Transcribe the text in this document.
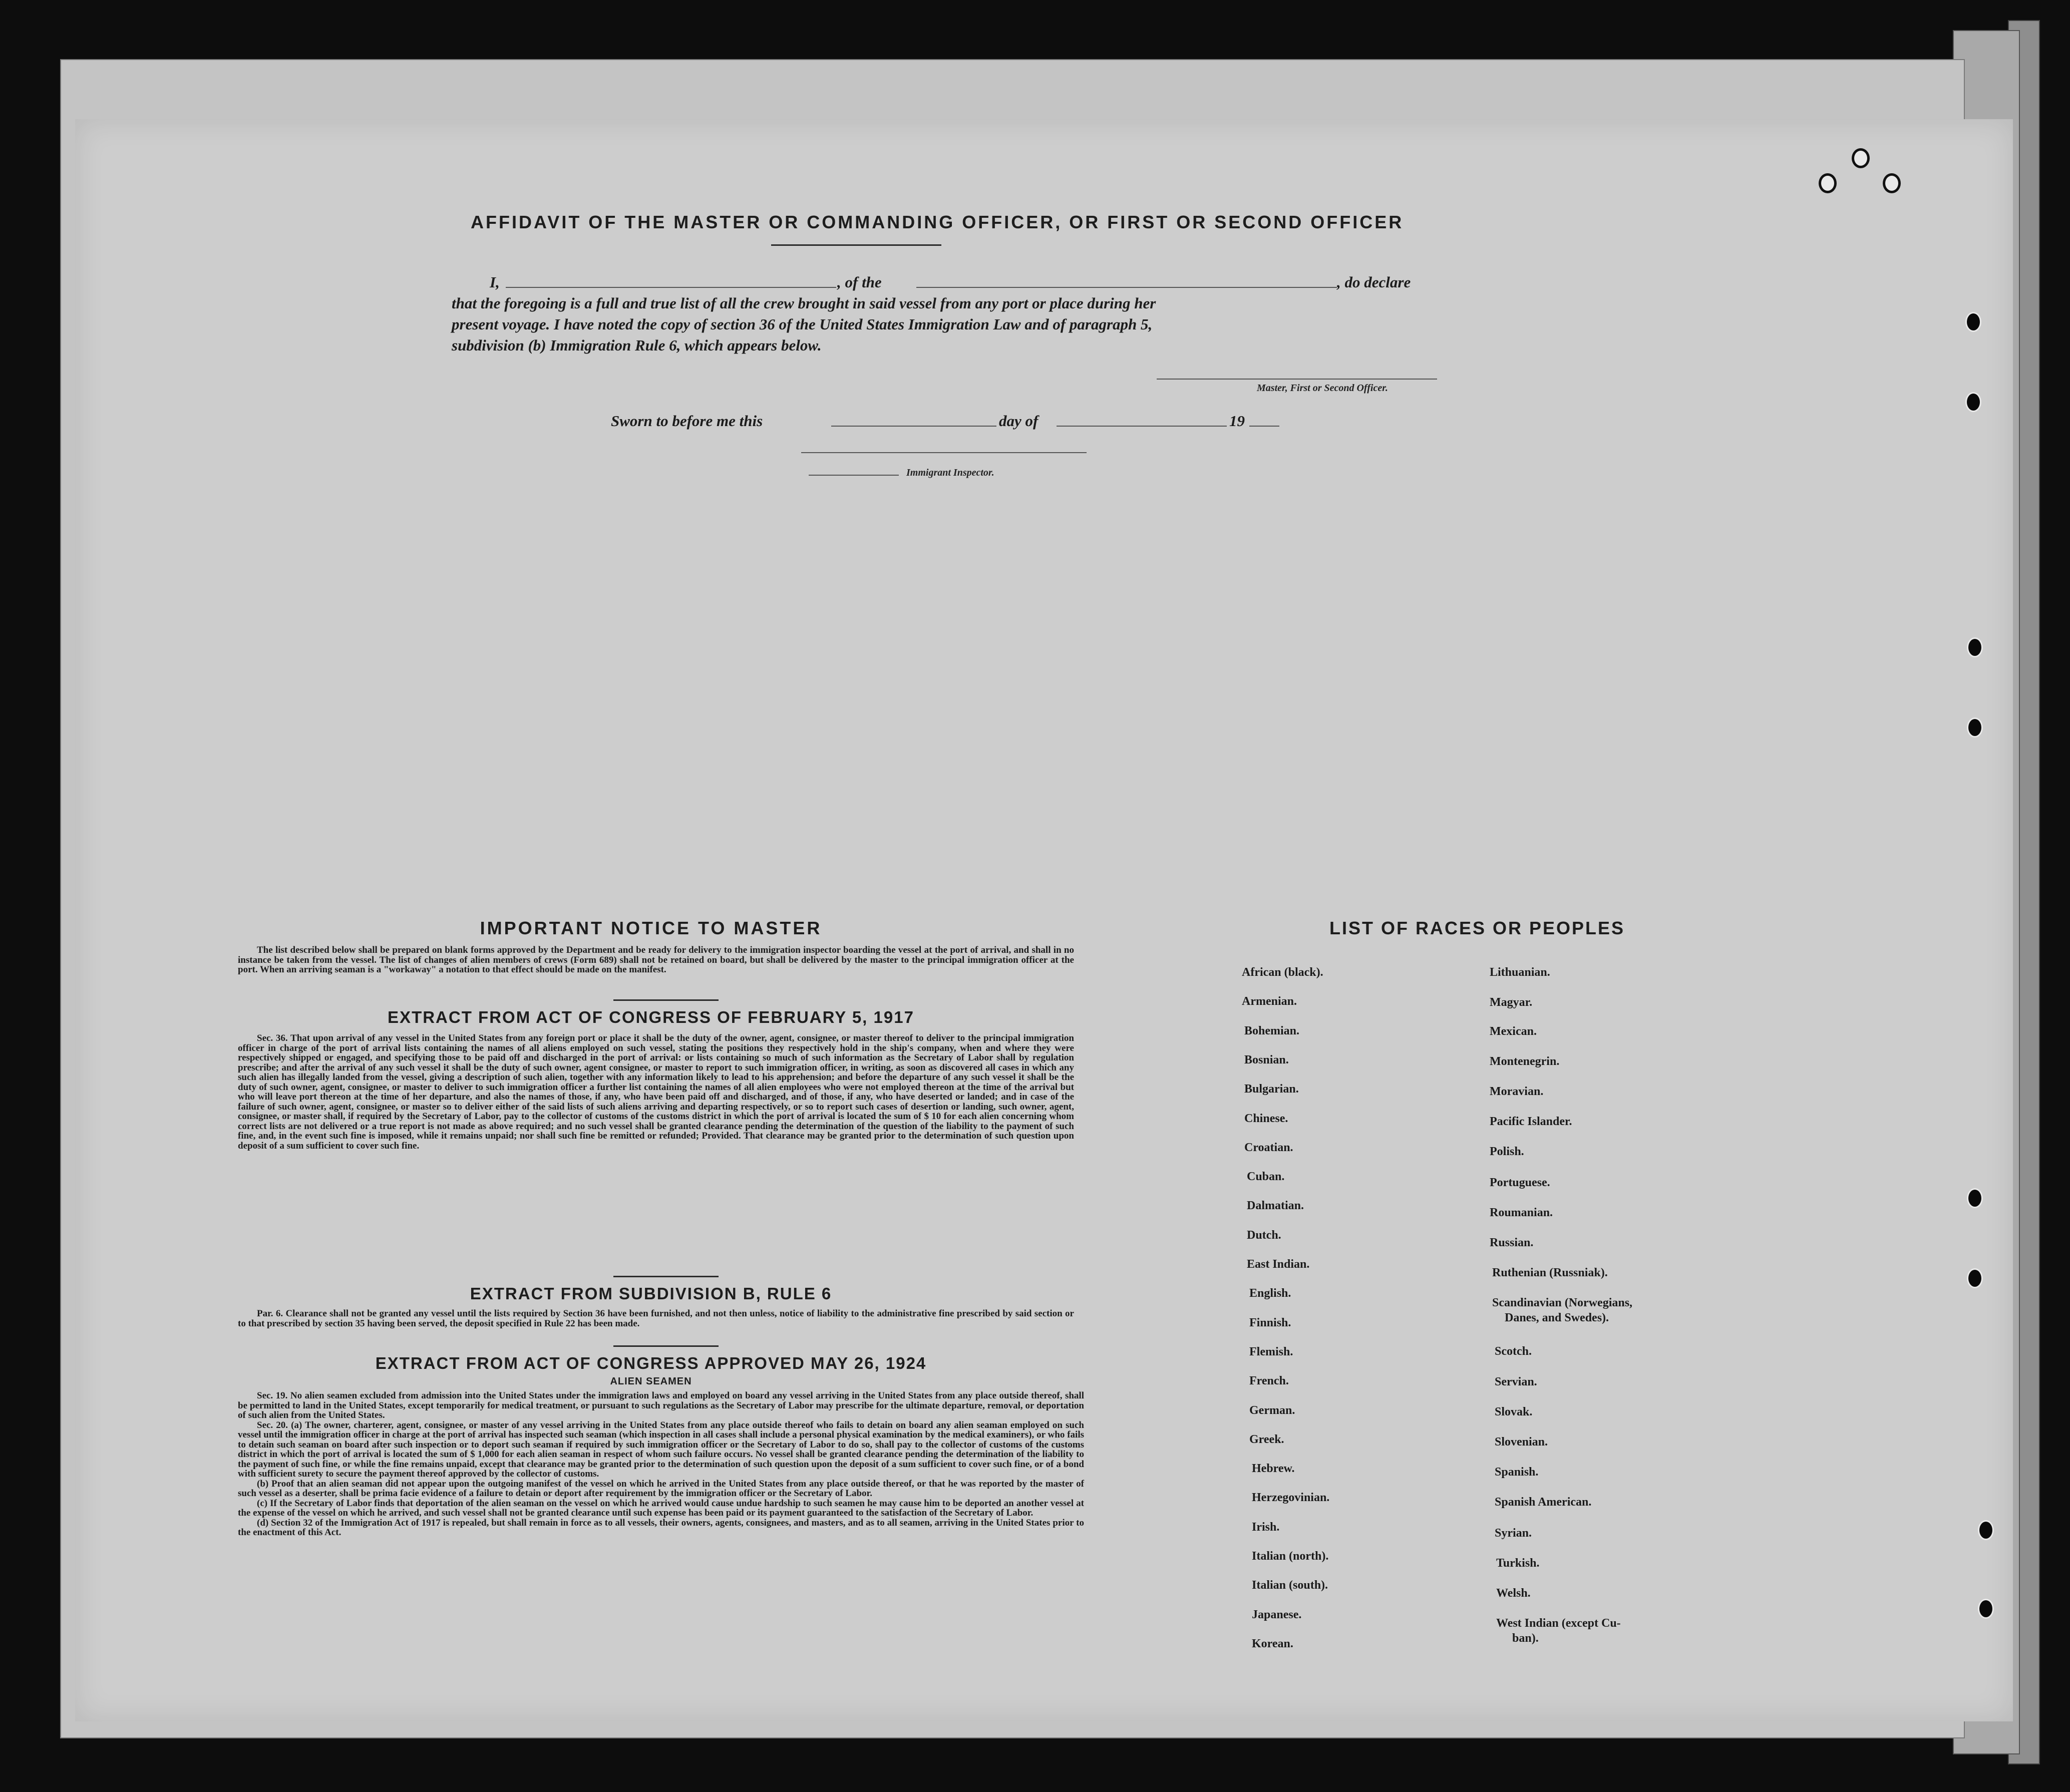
AFFIDAVIT OF THE MASTER OR COMMANDING OFFICER, OR FIRST OR SECOND OFFICER
I,	, of the	, do declare
that the foregoing is a full and true list of all the crew brought in said vessel from any port or place during her
present voyage. I have noted the copy of section 36 of the United States Immigration Law and of paragraph 5,
subdivision (b) Immigration Rule 6, which appears below.
Master, First or Second Officer.
Sworn to before me this	day of	19
Immigrant Inspector.
IMPORTANT NOTICE TO MASTER

The list described below shall be prepared on blank forms approved by the Department and be ready for delivery to the immigration inspector boarding the vessel at the port of arrival, and shall in no instance be taken from the vessel. The list of changes of alien members of crews (Form 689) shall not be retained on board, but shall be delivered by the master to the principal immigration officer at the port. When an arriving seaman is a "workaway" a notation to that effect should be made on the manifest.

EXTRACT FROM ACT OF CONGRESS OF FEBRUARY 5, 1917

Sec. 36. That upon arrival of any vessel in the United States from any foreign port or place it shall be the duty of the owner, agent, consignee, or master thereof to deliver to the principal immigration officer in charge of the port of arrival lists containing the names of all aliens employed on such vessel, stating the positions they respectively hold in the ship's company, when and where they were respectively shipped or engaged, and specifying those to be paid off and discharged in the port of arrival: or lists containing so much of such information as the Secretary of Labor shall by regulation prescribe; and after the arrival of any such vessel it shall be the duty of such owner, agent consignee, or master to report to such immigration officer, in writing, as soon as discovered all cases in which any such alien has illegally landed from the vessel, giving a description of such alien, together with any information likely to lead to his apprehension; and before the departure of any such vessel it shall be the duty of such owner, agent, consignee, or master to deliver to such immigration officer a further list containing the names of all alien employees who were not employed thereon at the time of the arrival but who will leave port thereon at the time of her departure, and also the names of those, if any, who have been paid off and discharged, and of those, if any, who have deserted or landed; and in case of the failure of such owner, agent, consignee, or master so to deliver either of the said lists of such aliens arriving and departing respectively, or so to report such cases of desertion or landing, such owner, agent, consignee, or master shall, if required by the Secretary of Labor, pay to the collector of customs of the customs district in which the port of arrival is located the sum of $ 10 for each alien concerning whom correct lists are not delivered or a true report is not made as above required; and no such vessel shall be granted clearance pending the determination of the question of the liability to the payment of such fine, and, in the event such fine is imposed, while it remains unpaid; nor shall such fine be remitted or refunded; Provided. That clearance may be granted prior to the determination of such question upon deposit of a sum sufficient to cover such fine.

EXTRACT FROM SUBDIVISION B, RULE 6

Par. 6. Clearance shall not be granted any vessel until the lists required by Section 36 have been furnished, and not then unless, notice of liability to the administrative fine prescribed by said section or to that prescribed by section 35 having been served, the deposit specified in Rule 22 has been made.

EXTRACT FROM ACT OF CONGRESS APPROVED MAY 26, 1924
ALIEN SEAMEN

Sec. 19. No alien seamen excluded from admission into the United States under the immigration laws and employed on board any vessel arriving in the United States from any place outside thereof, shall be permitted to land in the United States, except temporarily for medical treatment, or pursuant to such regulations as the Secretary of Labor may prescribe for the ultimate departure, removal, or deportation of such alien from the United States.

Sec. 20. (a) The owner, charterer, agent, consignee, or master of any vessel arriving in the United States from any place outside thereof who fails to detain on board any alien seaman employed on such vessel until the immigration officer in charge at the port of arrival has inspected such seaman (which inspection in all cases shall include a personal physical examination by the medical examiners), or who fails to detain such seaman on board after such inspection or to deport such seaman if required by such immigration officer or the Secretary of Labor to do so, shall pay to the collector of customs of the customs district in which the port of arrival is located the sum of $ 1,000 for each alien seaman in respect of whom such failure occurs. No vessel shall be granted clearance pending the determination of the liability to the payment of such fine, or while the fine remains unpaid, except that clearance may be granted prior to the determination of such question upon the deposit of a sum sufficient to cover such fine, or of a bond with sufficient surety to secure the payment thereof approved by the collector of customs.

(b) Proof that an alien seaman did not appear upon the outgoing manifest of the vessel on which he arrived in the United States from any place outside thereof, or that he was reported by the master of such vessel as a deserter, shall be prima facie evidence of a failure to detain or deport after requirement by the immigration officer or the Secretary of Labor.

(c) If the Secretary of Labor finds that deportation of the alien seaman on the vessel on which he arrived would cause undue hardship to such seamen he may cause him to be deported an another vessel at the expense of the vessel on which he arrived, and such vessel shall not be granted clearance until such expense has been paid or its payment guaranteed to the satisfaction of the Secretary of Labor.

(d) Section 32 of the Immigration Act of 1917 is repealed, but shall remain in force as to all vessels, their owners, agents, consignees, and masters, and as to all seamen, arriving in the United States prior to the enactment of this Act.

LIST OF RACES OR PEOPLES
African (black).
Armenian.
Bohemian.
Bosnian.
Bulgarian.
Chinese.
Croatian.
Cuban.
Dalmatian.
Dutch.
East Indian.
English.
Finnish.
Flemish.
French.
German.
Greek.
Hebrew.
Herzegovinian.
Irish.
Italian (north).
Italian (south).
Japanese.
Korean.
Lithuanian.
Magyar.
Mexican.
Montenegrin.
Moravian.
Pacific Islander.
Polish.
Portuguese.
Roumanian.
Russian.
Ruthenian (Russniak).
Scandinavian (Norwegians,
Danes, and Swedes).
Scotch.
Servian.
Slovak.
Slovenian.
Spanish.
Spanish American.
Syrian.
Turkish.
Welsh.
West Indian (except Cu-
ban).
